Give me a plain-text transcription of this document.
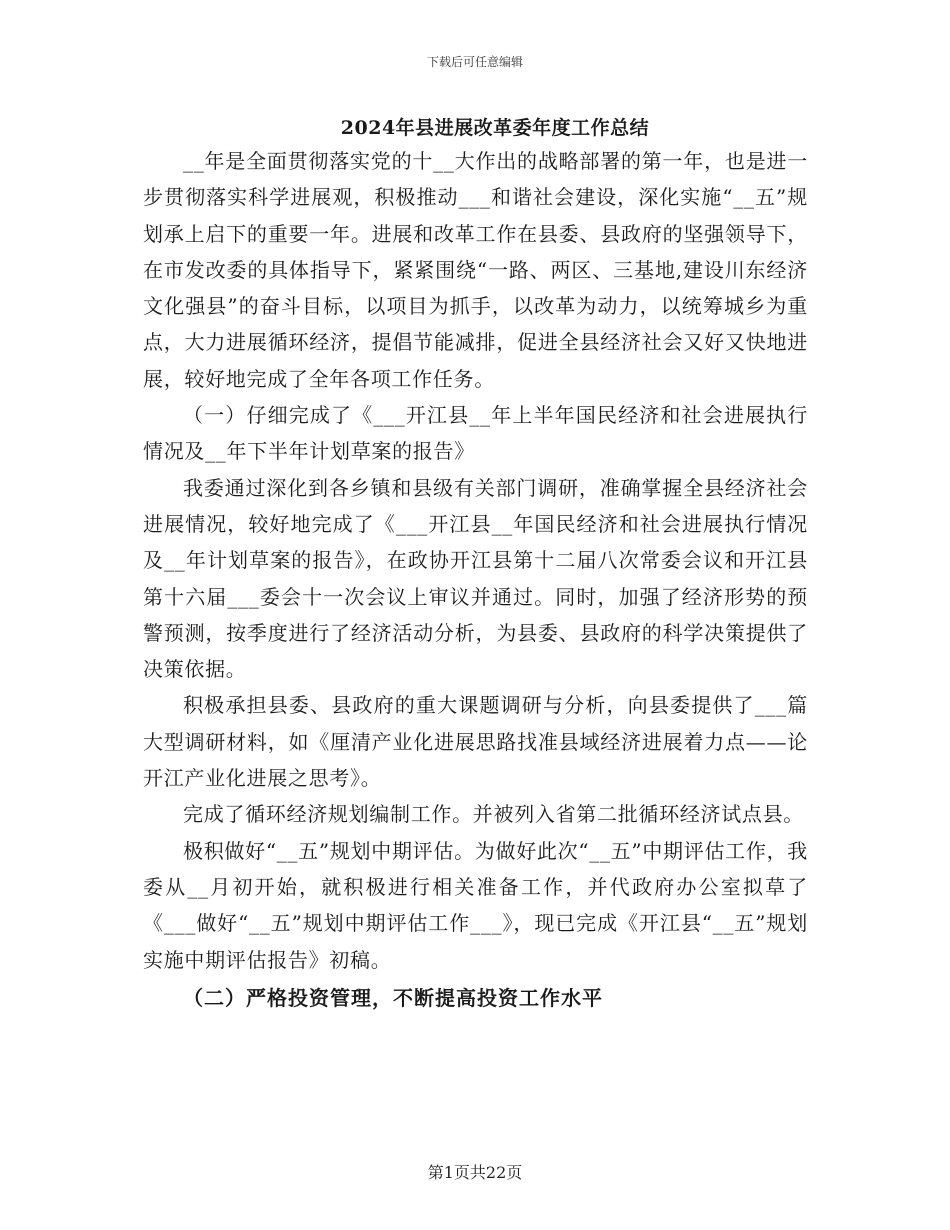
下载后可任意编辑
2024年县进展改革委年度工作总结

__年是全面贯彻落实党的十__大作出的战略部署的第一年，也是进一步贯彻落实科学进展观，积极推动___和谐社会建设，深化实施“__五”规划承上启下的重要一年。进展和改革工作在县委、县政府的坚强领导下，在市发改委的具体指导下，紧紧围绕“一路、两区、三基地,建设川东经济文化强县”的奋斗目标，以项目为抓手，以改革为动力，以统筹城乡为重点，大力进展循环经济，提倡节能减排，促进全县经济社会又好又快地进展，较好地完成了全年各项工作任务。

（一）仔细完成了《___开江县__年上半年国民经济和社会进展执行情况及__年下半年计划草案的报告》

我委通过深化到各乡镇和县级有关部门调研，准确掌握全县经济社会进展情况，较好地完成了《___开江县__年国民经济和社会进展执行情况及__年计划草案的报告》，在政协开江县第十二届八次常委会议和开江县第十六届___委会十一次会议上审议并通过。同时，加强了经济形势的预警预测，按季度进行了经济活动分析，为县委、县政府的科学决策提供了决策依据。

积极承担县委、县政府的重大课题调研与分析，向县委提供了___篇大型调研材料，如《厘清产业化进展思路找准县域经济进展着力点——论开江产业化进展之思考》。

完成了循环经济规划编制工作。并被列入省第二批循环经济试点县。

极积做好“__五”规划中期评估。为做好此次“__五”中期评估工作，我委从__月初开始，就积极进行相关准备工作，并代政府办公室拟草了《___做好“__五”规划中期评估工作___》，现已完成《开江县“__五”规划实施中期评估报告》初稿。

（二）严格投资管理，不断提高投资工作水平

第1页共22页
